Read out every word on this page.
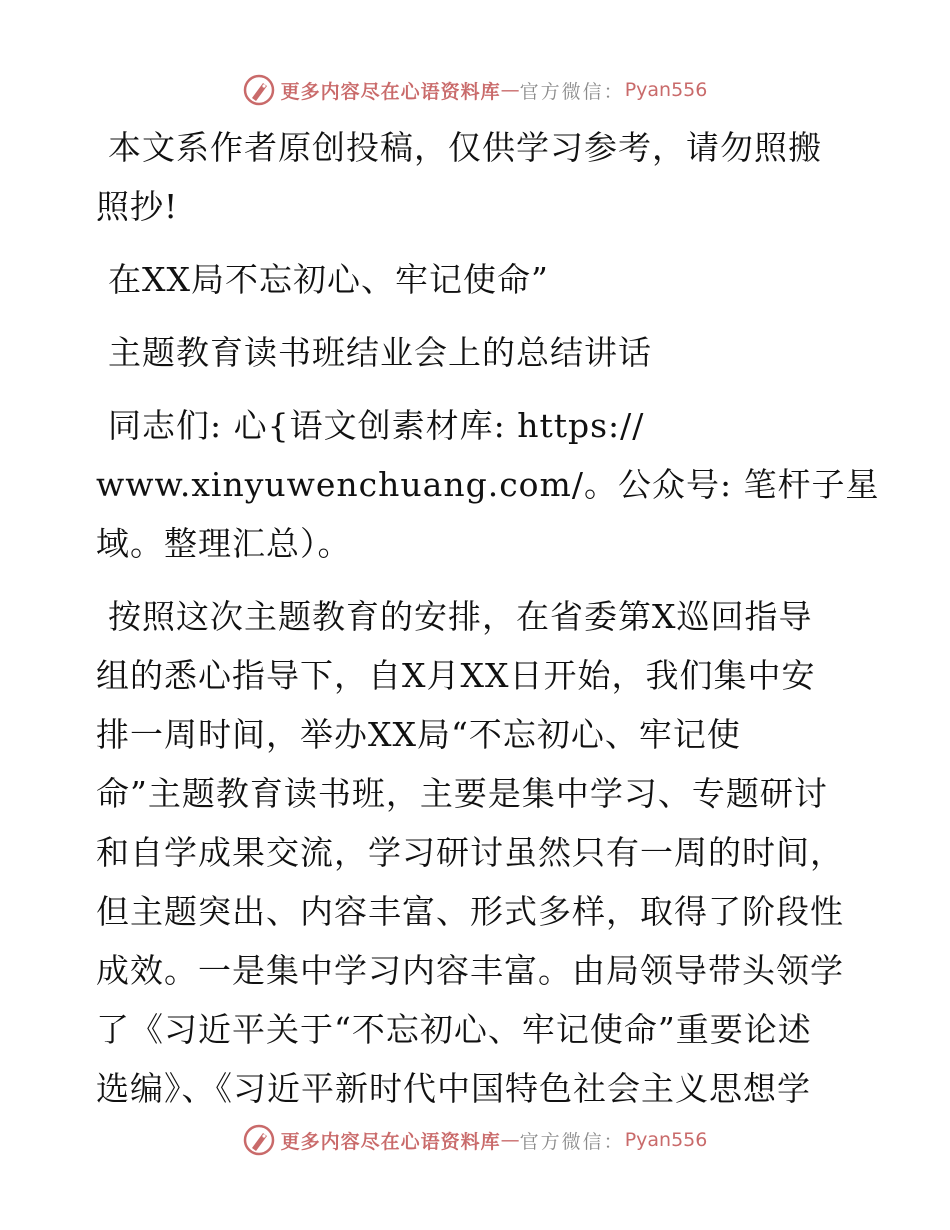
更多内容尽在心语资料库 — 官方微信： Pyan556

本文系作者原创投稿，仅供学习参考，请勿照搬

照抄!

在XX局不忘初心、牢记使命”

主题教育读书班结业会上的总结讲话

同志们: 心{语文创素材库: https://

www.xinyuwenchuang.com/。公众号: 笔杆子星

域。整理汇总）。

按照这次主题教育的安排，在省委第X巡回指导

组的悉心指导下，自X月XX日开始，我们集中安

排一周时间，举办XX局“不忘初心、牢记使

命”主题教育读书班，主要是集中学习、专题研讨

和自学成果交流，学习研讨虽然只有一周的时间，

但主题突出、内容丰富、形式多样，取得了阶段性

成效。一是集中学习内容丰富。由局领导带头领学

了《习近平关于“不忘初心、牢记使命”重要论述

选编》、《习近平新时代中国特色社会主义思想学

更多内容尽在心语资料库 — 官方微信： Pyan556
